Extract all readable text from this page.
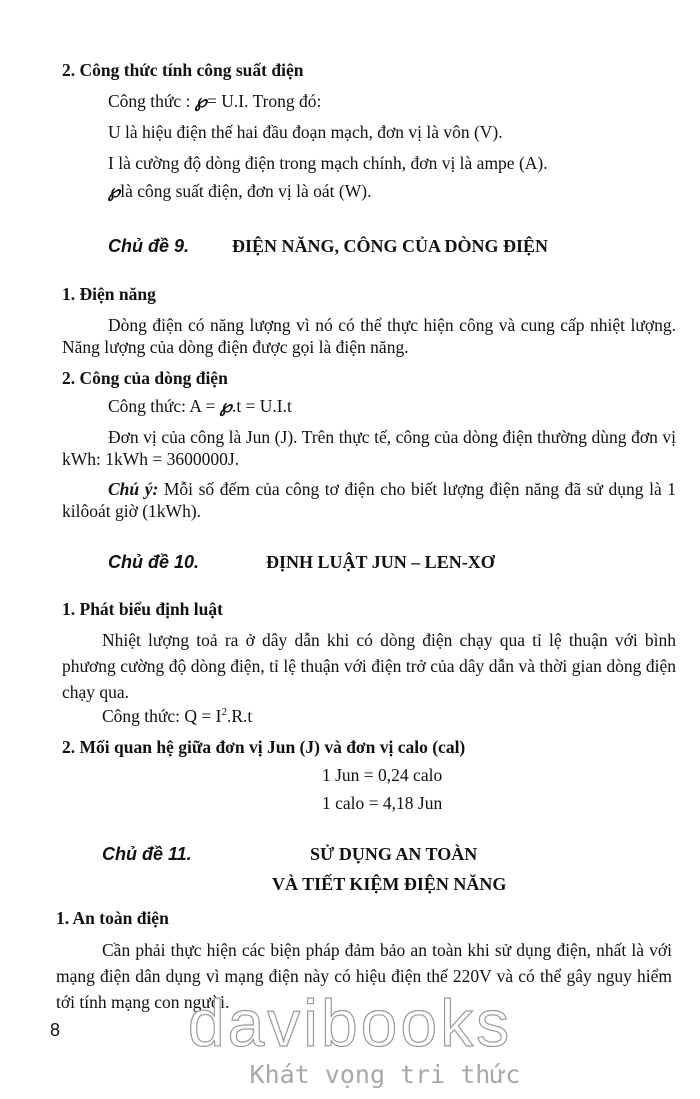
2. Công thức tính công suất điện
Công thức : ℘= U.I. Trong đó:
U là hiệu điện thế hai đầu đoạn mạch, đơn vị là vôn (V).
I là cường độ dòng điện trong mạch chính, đơn vị là ampe (A).
℘là công suất điện, đơn vị là oát (W).
Chủ đề 9. ĐIỆN NĂNG, CÔNG CỦA DÒNG ĐIỆN
1. Điện năng
Dòng điện có năng lượng vì nó có thể thực hiện công và cung cấp nhiệt lượng. Năng lượng của dòng điện được gọi là điện năng.
2. Công của dòng điện
Công thức: A = ℘.t = U.I.t
Đơn vị của công là Jun (J). Trên thực tế, công của dòng điện thường dùng đơn vị kWh: 1kWh = 3600000J.
Chú ý: Mỗi số đếm của công tơ điện cho biết lượng điện năng đã sử dụng là 1 kilôoát giờ (1kWh).
Chủ đề 10.	ĐỊNH LUẬT JUN – LEN-XƠ
1. Phát biểu định luật
Nhiệt lượng toả ra ở dây dẫn khi có dòng điện chạy qua tỉ lệ thuận với bình phương cường độ dòng điện, tỉ lệ thuận với điện trở của dây dẫn và thời gian dòng điện chạy qua.
Công thức: $Q = I^2.R.t$
2. Mối quan hệ giữa đơn vị Jun (J) và đơn vị calo (cal)
1 Jun = 0,24 calo
1 calo = 4,18 Jun
Chủ đề 11.	SỬ DỤNG AN TOÀN
VÀ TIẾT KIỆM ĐIỆN NĂNG
1. An toàn điện
Cần phải thực hiện các biện pháp đảm bảo an toàn khi sử dụng điện, nhất là với mạng điện dân dụng vì mạng điện này có hiệu điện thế 220V và có thể gây nguy hiểm tới tính mạng con người.
8	davibooks
Khát vọng tri thức
